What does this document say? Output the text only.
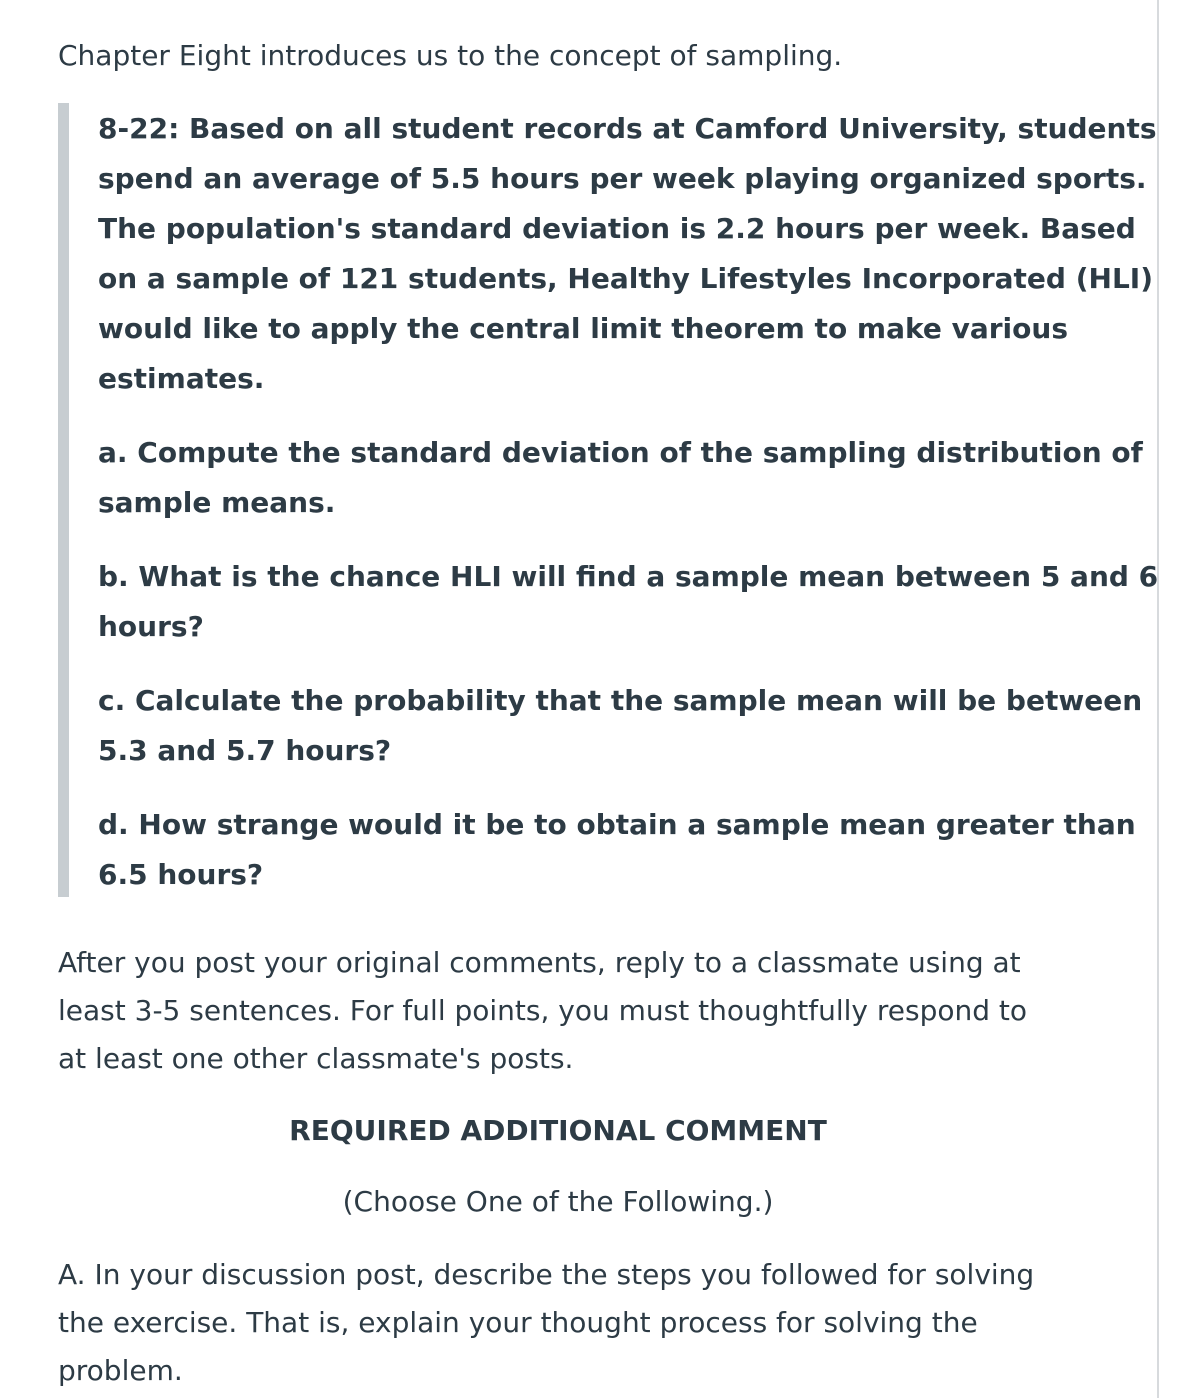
Chapter Eight introduces us to the concept of sampling.
8-22: Based on all student records at Camford University, students
spend an average of 5.5 hours per week playing organized sports.
The population's standard deviation is 2.2 hours per week. Based
on a sample of 121 students, Healthy Lifestyles Incorporated (HLI)
would like to apply the central limit theorem to make various
estimates.
a. Compute the standard deviation of the sampling distribution of
sample means.
b. What is the chance HLI will find a sample mean between 5 and 6
hours?
c. Calculate the probability that the sample mean will be between
5.3 and 5.7 hours?
d. How strange would it be to obtain a sample mean greater than
6.5 hours?
After you post your original comments, reply to a classmate using at
least 3-5 sentences. For full points, you must thoughtfully respond to
at least one other classmate's posts.
REQUIRED ADDITIONAL COMMENT
(Choose One of the Following.)
A. In your discussion post, describe the steps you followed for solving
the exercise. That is, explain your thought process for solving the
problem.
